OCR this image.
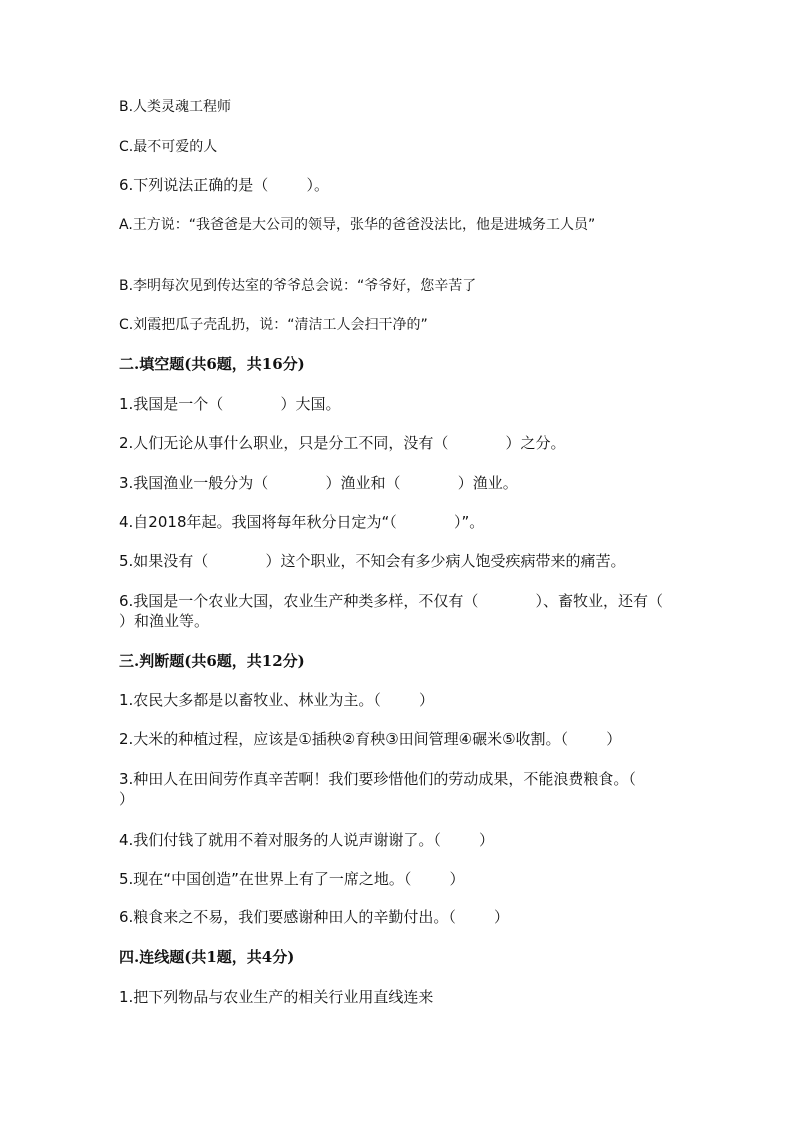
B.人类灵魂工程师
C.最不可爱的人
6.下列说法正确的是（        ）。
A.王方说：“我爸爸是大公司的领导，张华的爸爸没法比，他是进城务工人员”
B.李明每次见到传达室的爷爷总会说：“爷爷好，您辛苦了
C.刘霞把瓜子壳乱扔，说：“清洁工人会扫干净的”
二.填空题(共6题，共16分)
1.我国是一个（            ）大国。
2.人们无论从事什么职业，只是分工不同，没有（            ）之分。
3.我国渔业一般分为（            ）渔业和（            ）渔业。
4.自2018年起。我国将每年秋分日定为“（            ）”。
5.如果没有（            ）这个职业，不知会有多少病人饱受疾病带来的痛苦。
6.我国是一个农业大国，农业生产种类多样，不仅有（            ）、畜牧业，还有（            ）和渔业等。
三.判断题(共6题，共12分)
1.农民大多都是以畜牧业、林业为主。（        ）
2.大米的种植过程，应该是①插秧②育秧③田间管理④碾米⑤收割。（        ）
3.种田人在田间劳作真辛苦啊！我们要珍惜他们的劳动成果，不能浪费粮食。（        ）
4.我们付钱了就用不着对服务的人说声谢谢了。（        ）
5.现在“中国创造”在世界上有了一席之地。（        ）
6.粮食来之不易，我们要感谢种田人的辛勤付出。（        ）
四.连线题(共1题，共4分)
1.把下列物品与农业生产的相关行业用直线连来
